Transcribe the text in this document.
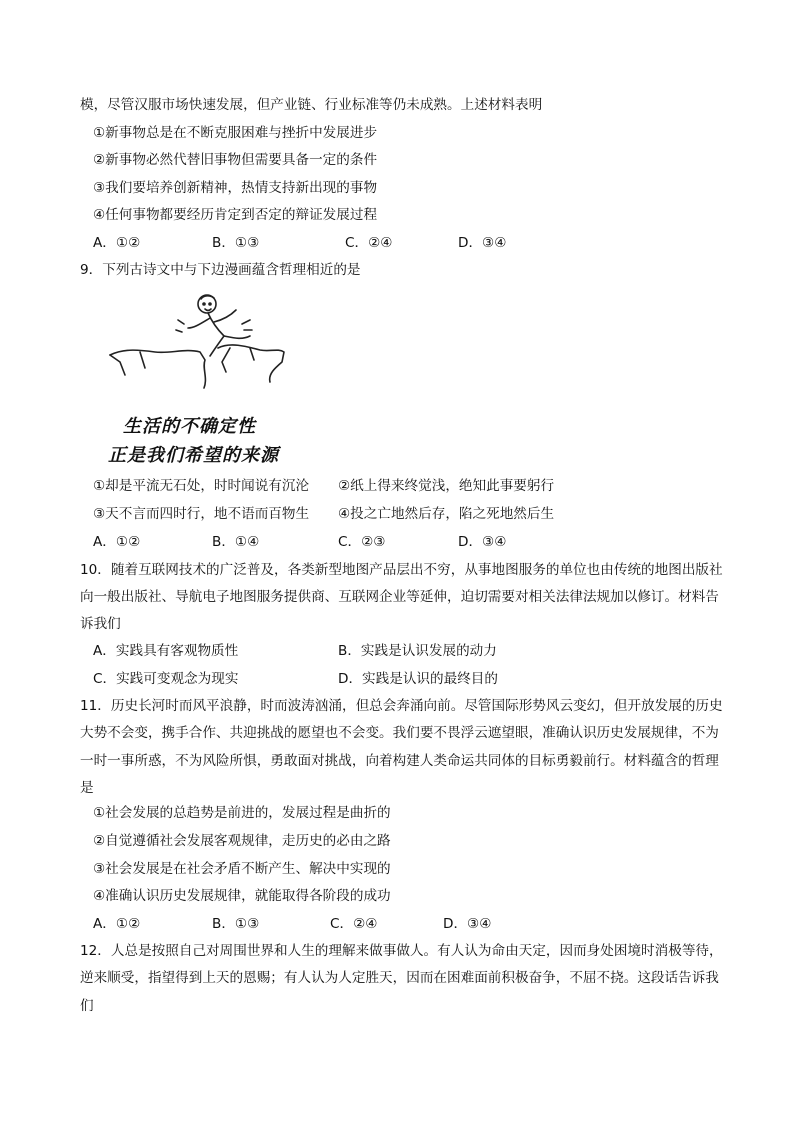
模，尽管汉服市场快速发展，但产业链、行业标准等仍未成熟。上述材料表明
①新事物总是在不断克服困难与挫折中发展进步
②新事物必然代替旧事物但需要具备一定的条件
③我们要培养创新精神，热情支持新出现的事物
④任何事物都要经历肯定到否定的辩证发展过程
A．①②	B．①③	C．②④	D．③④
9．下列古诗文中与下边漫画蕴含哲理相近的是
生活的不确定性
正是我们希望的来源
①却是平流无石处，时时闻说有沉沦 ②纸上得来终觉浅，绝知此事要躬行
③天不言而四时行，地不语而百物生 ④投之亡地然后存，陷之死地然后生
A．①②	B．①④	C．②③	D．③④
10．随着互联网技术的广泛普及，各类新型地图产品层出不穷，从事地图服务的单位也由传统的地图出版社
向一般出版社、导航电子地图服务提供商、互联网企业等延伸，迫切需要对相关法律法规加以修订。材料告
诉我们
A．实践具有客观物质性	B．实践是认识发展的动力
C．实践可变观念为现实	D．实践是认识的最终目的
11．历史长河时而风平浪静，时而波涛汹涌，但总会奔涌向前。尽管国际形势风云变幻，但开放发展的历史
大势不会变，携手合作、共迎挑战的愿望也不会变。我们要不畏浮云遮望眼，准确认识历史发展规律，不为
一时一事所惑，不为风险所惧，勇敢面对挑战，向着构建人类命运共同体的目标勇毅前行。材料蕴含的哲理
是
①社会发展的总趋势是前进的，发展过程是曲折的
②自觉遵循社会发展客观规律，走历史的必由之路
③社会发展是在社会矛盾不断产生、解决中实现的
④准确认识历史发展规律，就能取得各阶段的成功
A．①②	B．①③	C．②④	D．③④
12．人总是按照自己对周围世界和人生的理解来做事做人。有人认为命由天定，因而身处困境时消极等待，
逆来顺受，指望得到上天的恩赐；有人认为人定胜天，因而在困难面前积极奋争，不屈不挠。这段话告诉我
们
